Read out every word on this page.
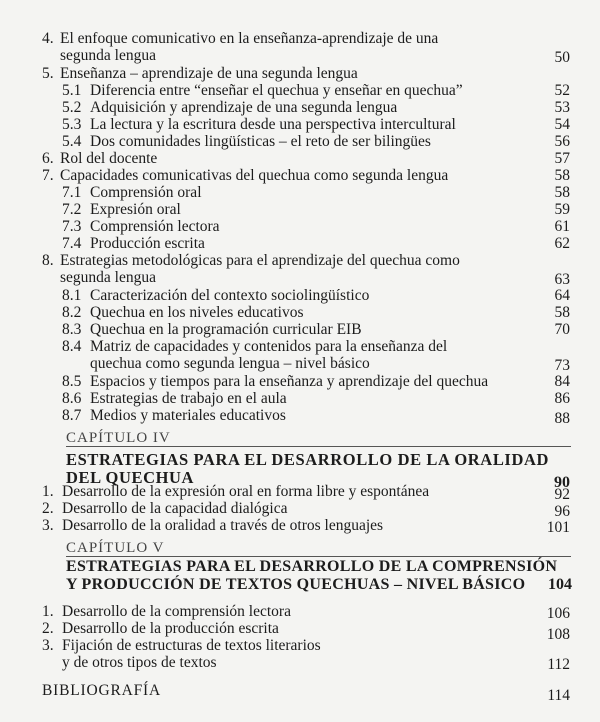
4. El enfoque comunicativo en la enseñanza-aprendizaje de una
segunda lengua	50
5. Enseñanza – aprendizaje de una segunda lengua
5.1 Diferencia entre “enseñar el quechua y enseñar en quechua”	52
5.2 Adquisición y aprendizaje de una segunda lengua	53
5.3 La lectura y la escritura desde una perspectiva intercultural	54
5.4 Dos comunidades lingüísticas – el reto de ser bilingües	56
6. Rol del docente	57
7. Capacidades comunicativas del quechua como segunda lengua	58
7.1 Comprensión oral	58
7.2 Expresión oral	59
7.3 Comprensión lectora	61
7.4 Producción escrita	62
8. Estrategias metodológicas para el aprendizaje del quechua como
segunda lengua	63
8.1 Caracterización del contexto sociolingüístico	64
8.2 Quechua en los niveles educativos	58
8.3 Quechua en la programación curricular EIB	70
8.4 Matriz de capacidades y contenidos para la enseñanza del
quechua como segunda lengua – nivel básico	73
8.5 Espacios y tiempos para la enseñanza y aprendizaje del quechua	84
8.6 Estrategias de trabajo en el aula	86
8.7 Medios y materiales educativos	88
CAPÍTULO IV
ESTRATEGIAS PARA EL DESARROLLO DE LA ORALIDAD
DEL QUECHUA	90
1. Desarrollo de la expresión oral en forma libre y espontánea	92
2. Desarrollo de la capacidad dialógica	96
3. Desarrollo de la oralidad a través de otros lenguajes	101
CAPÍTULO V
ESTRATEGIAS PARA EL DESARROLLO DE LA COMPRENSIÓN
Y PRODUCCIÓN DE TEXTOS QUECHUAS – NIVEL BÁSICO	104
1. Desarrollo de la comprensión lectora	106
2. Desarrollo de la producción escrita	108
3. Fijación de estructuras de textos literarios
y de otros tipos de textos	112
BIBLIOGRAFÍA	114
